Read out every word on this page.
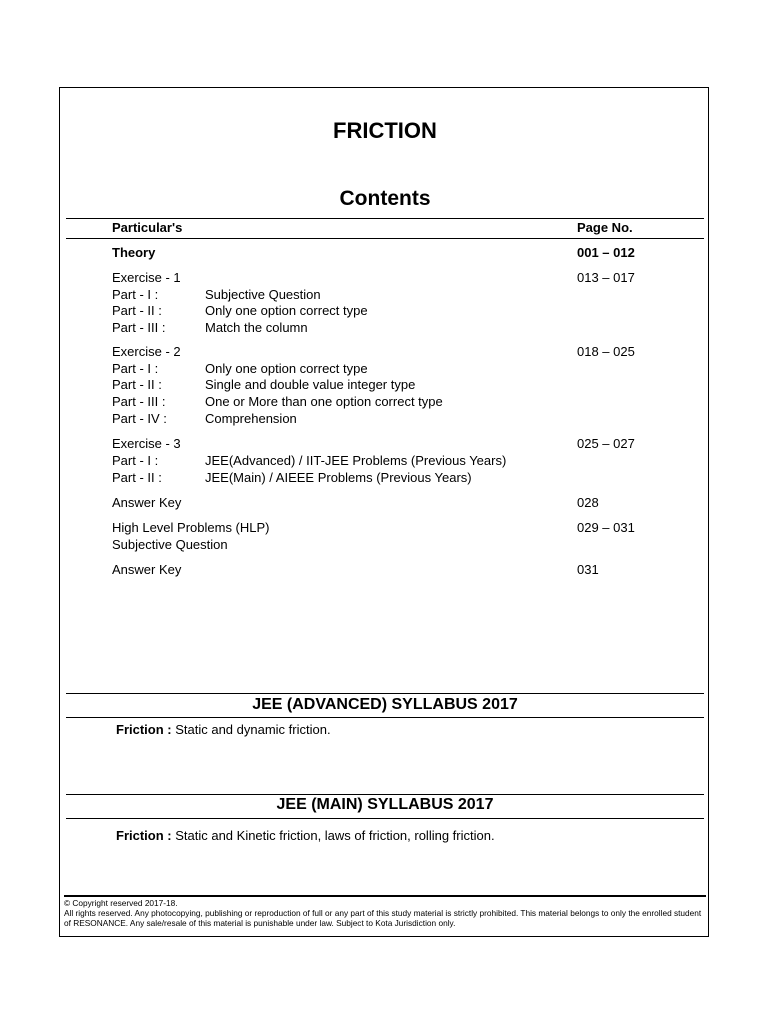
FRICTION
Contents
Particular's	Page No.
Theory	001 – 012
Exercise - 1	013 – 017
Part - I :	Subjective Question
Part - II :	Only one option correct type
Part - III :	Match the column
Exercise - 2	018 – 025
Part - I :	Only one option correct type
Part - II :	Single and double value integer type
Part - III :	One or More than one option correct type
Part - IV :	Comprehension
Exercise - 3	025 – 027
Part - I :	JEE(Advanced) / IIT-JEE Problems (Previous Years)
Part - II :	JEE(Main) / AIEEE Problems (Previous Years)
Answer Key	028
High Level Problems (HLP)	029 – 031
Subjective Question
Answer Key	031
JEE (ADVANCED) SYLLABUS 2017
Friction : Static and dynamic friction.
JEE (MAIN) SYLLABUS 2017
Friction : Static and Kinetic friction, laws of friction, rolling friction.
© Copyright reserved 2017-18.
All rights reserved. Any photocopying, publishing or reproduction of full or any part of this study material is strictly prohibited. This material belongs to only the enrolled student of RESONANCE. Any sale/resale of this material is punishable under law. Subject to Kota Jurisdiction only.
